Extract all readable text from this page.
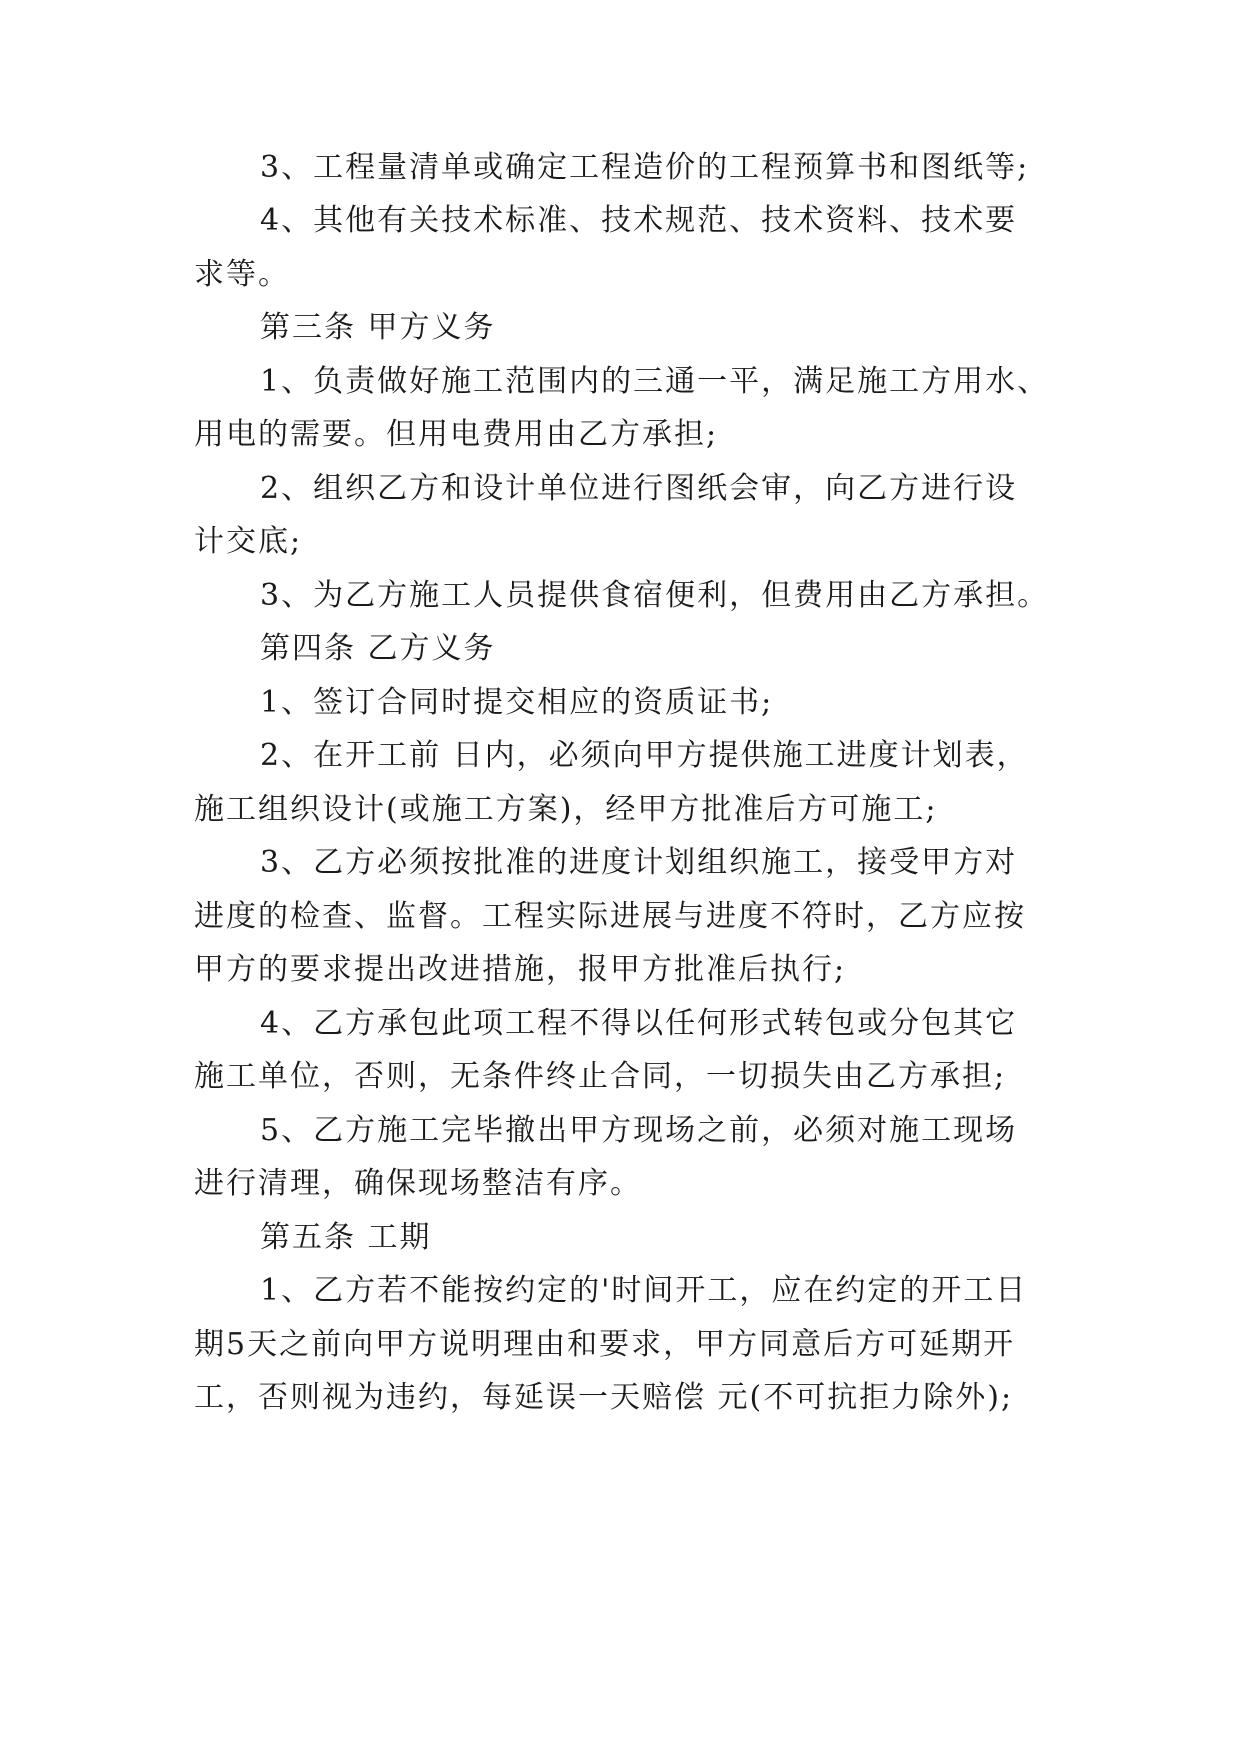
3、工程量清单或确定工程造价的工程预算书和图纸等;
4、其他有关技术标准、技术规范、技术资料、技术要
求等。
第三条 甲方义务
1、负责做好施工范围内的三通一平，满足施工方用水、
用电的需要。但用电费用由乙方承担;
2、组织乙方和设计单位进行图纸会审，向乙方进行设
计交底;
3、为乙方施工人员提供食宿便利，但费用由乙方承担。
第四条 乙方义务
1、签订合同时提交相应的资质证书;
2、在开工前 日内，必须向甲方提供施工进度计划表，
施工组织设计(或施工方案)，经甲方批准后方可施工;
3、乙方必须按批准的进度计划组织施工，接受甲方对
进度的检查、监督。工程实际进展与进度不符时，乙方应按
甲方的要求提出改进措施，报甲方批准后执行;
4、乙方承包此项工程不得以任何形式转包或分包其它
施工单位，否则，无条件终止合同，一切损失由乙方承担;
5、乙方施工完毕撤出甲方现场之前，必须对施工现场
进行清理，确保现场整洁有序。
第五条 工期
1、乙方若不能按约定的'时间开工，应在约定的开工日
期5天之前向甲方说明理由和要求，甲方同意后方可延期开
工，否则视为违约，每延误一天赔偿 元(不可抗拒力除外);
